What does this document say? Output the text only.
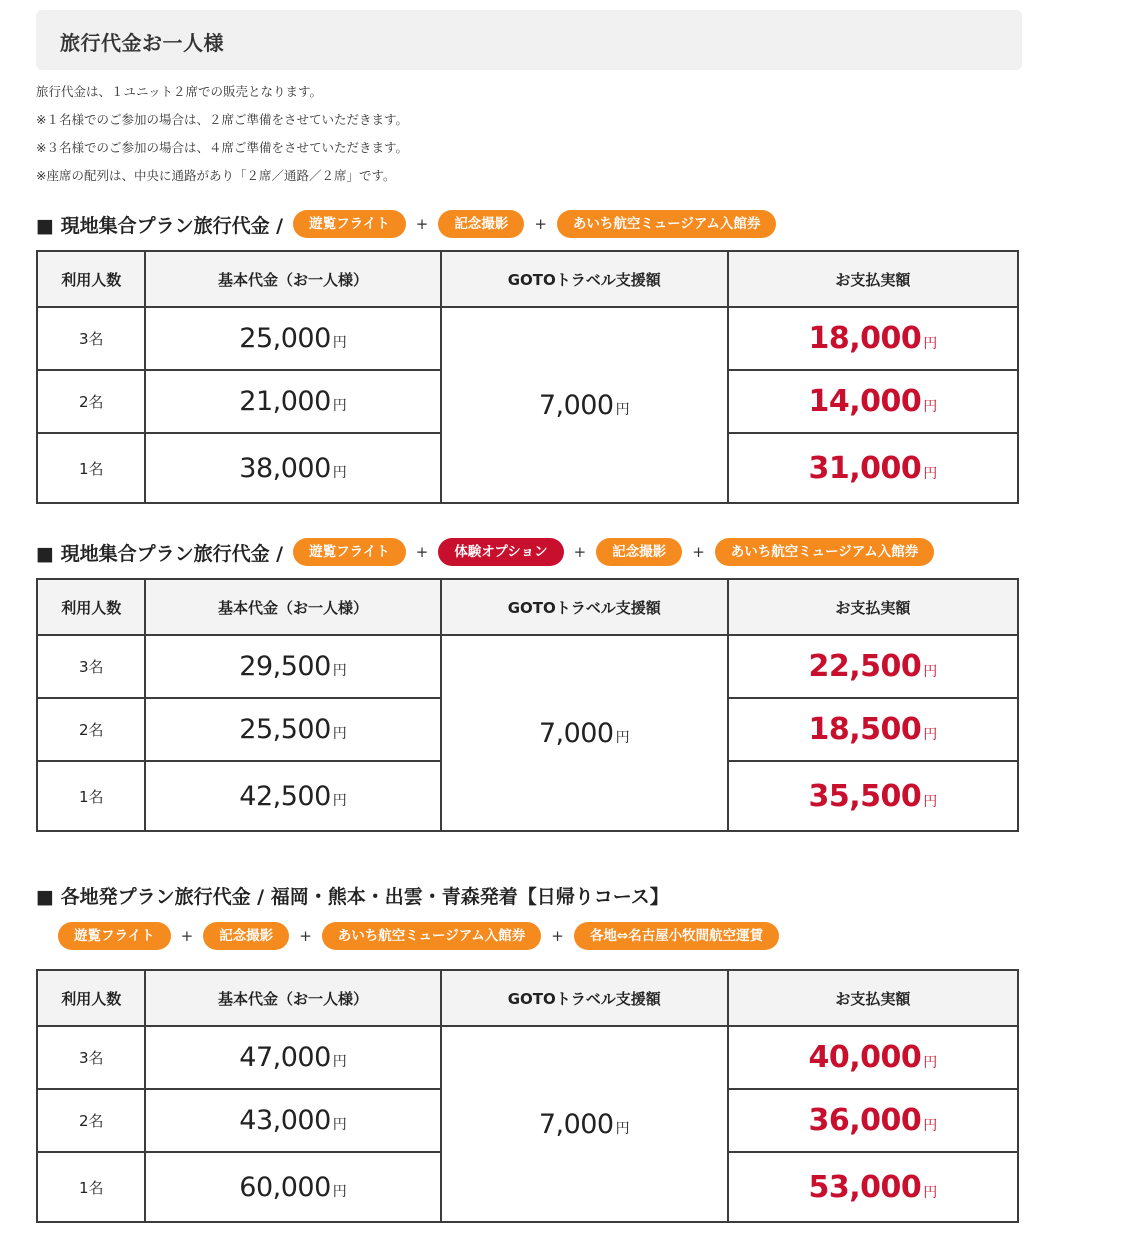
旅行代金お一人様
旅行代金は、１ユニット２席での販売となります。
※１名様でのご参加の場合は、２席ご準備をさせていただきます。
※３名様でのご参加の場合は、４席ご準備をさせていただきます。
※座席の配列は、中央に通路があり「２席／通路／２席」です。
■ 現地集合プラン旅行代金 /	遊覧フライト	+	記念撮影	+	あいち航空ミュージアム入館券
利用人数	基本代金（お一人様）	GOTOトラベル支援額	お支払実額
3名	25,000 円	7,000 円	18,000 円
2名	21,000 円		14,000 円
1名	38,000 円		31,000 円
■ 現地集合プラン旅行代金 /	遊覧フライト	+	体験オプション	+	記念撮影	+	あいち航空ミュージアム入館券
利用人数	基本代金（お一人様）	GOTOトラベル支援額	お支払実額
3名	29,500 円	7,000 円	22,500 円
2名	25,500 円		18,500 円
1名	42,500 円		35,500 円
■ 各地発プラン旅行代金 / 福岡・熊本・出雲・青森発着【日帰りコース】
遊覧フライト	+	記念撮影	+	あいち航空ミュージアム入館券	+	各地⇔名古屋小牧間航空運賃
利用人数	基本代金（お一人様）	GOTOトラベル支援額	お支払実額
3名	47,000 円	7,000 円	40,000 円
2名	43,000 円		36,000 円
1名	60,000 円		53,000 円
